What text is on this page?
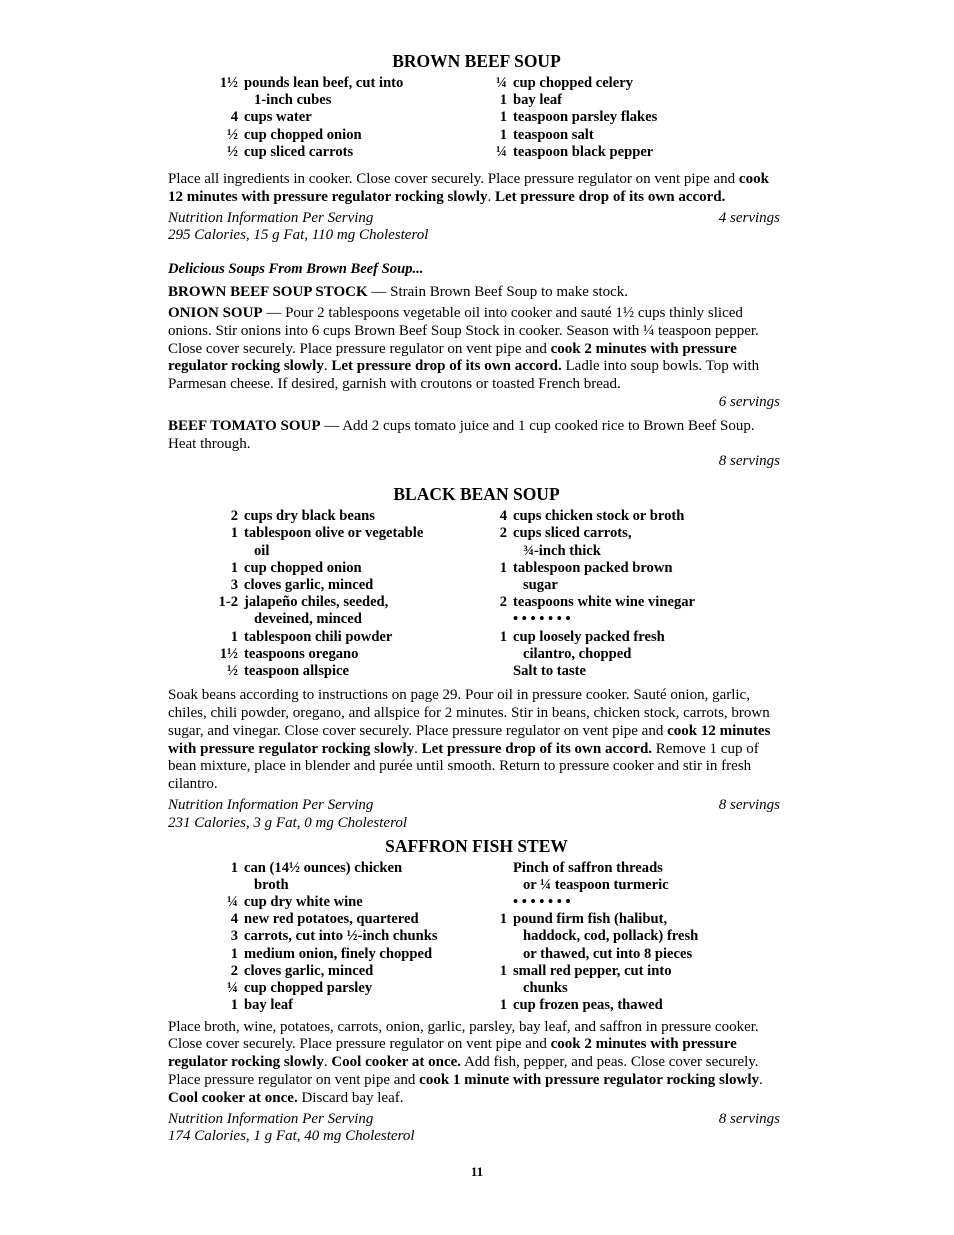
BROWN BEEF SOUP
1½ pounds lean beef, cut into
1-inch cubes
4 cups water
½ cup chopped onion
½ cup sliced carrots
¼ cup chopped celery
1 bay leaf
1 teaspoon parsley flakes
1 teaspoon salt
¼ teaspoon black pepper

Place all ingredients in cooker. Close cover securely. Place pressure regulator on vent pipe and cook 12 minutes with pressure regulator rocking slowly. Let pressure drop of its own accord.

Nutrition Information Per Serving	4 servings
295 Calories, 15 g Fat, 110 mg Cholesterol
Delicious Soups From Brown Beef Soup...

BROWN BEEF SOUP STOCK — Strain Brown Beef Soup to make stock.

ONION SOUP — Pour 2 tablespoons vegetable oil into cooker and sauté 1½ cups thinly sliced onions. Stir onions into 6 cups Brown Beef Soup Stock in cooker. Season with ¼ teaspoon pepper. Close cover securely. Place pressure regulator on vent pipe and cook 2 minutes with pressure regulator rocking slowly. Let pressure drop of its own accord. Ladle into soup bowls. Top with Parmesan cheese. If desired, garnish with croutons or toasted French bread.

6 servings

BEEF TOMATO SOUP — Add 2 cups tomato juice and 1 cup cooked rice to Brown Beef Soup. Heat through.

8 servings
BLACK BEAN SOUP
2 cups dry black beans
1 tablespoon olive or vegetable
oil
1 cup chopped onion
3 cloves garlic, minced
1-2 jalapeño chiles, seeded,
deveined, minced
1 tablespoon chili powder
1½ teaspoons oregano
½ teaspoon allspice
4 cups chicken stock or broth
2 cups sliced carrots,
¾-inch thick
1 tablespoon packed brown
sugar
2 teaspoons white wine vinegar
• • • • • • •
1 cup loosely packed fresh
cilantro, chopped
Salt to taste

Soak beans according to instructions on page 29. Pour oil in pressure cooker. Sauté onion, garlic, chiles, chili powder, oregano, and allspice for 2 minutes. Stir in beans, chicken stock, carrots, brown sugar, and vinegar. Close cover securely. Place pressure regulator on vent pipe and cook 12 minutes with pressure regulator rocking slowly. Let pressure drop of its own accord. Remove 1 cup of bean mixture, place in blender and purée until smooth. Return to pressure cooker and stir in fresh cilantro.

Nutrition Information Per Serving	8 servings
231 Calories, 3 g Fat, 0 mg Cholesterol
SAFFRON FISH STEW
1 can (14½ ounces) chicken
broth
¼ cup dry white wine
4 new red potatoes, quartered
3 carrots, cut into ½-inch chunks
1 medium onion, finely chopped
2 cloves garlic, minced
¼ cup chopped parsley
1 bay leaf
Pinch of saffron threads
or ¼ teaspoon turmeric
• • • • • • •
1 pound firm fish (halibut,
haddock, cod, pollack) fresh
or thawed, cut into 8 pieces
1 small red pepper, cut into
chunks
1 cup frozen peas, thawed

Place broth, wine, potatoes, carrots, onion, garlic, parsley, bay leaf, and saffron in pressure cooker. Close cover securely. Place pressure regulator on vent pipe and cook 2 minutes with pressure regulator rocking slowly. Cool cooker at once. Add fish, pepper, and peas. Close cover securely. Place pressure regulator on vent pipe and cook 1 minute with pressure regulator rocking slowly. Cool cooker at once. Discard bay leaf.

Nutrition Information Per Serving	8 servings
174 Calories, 1 g Fat, 40 mg Cholesterol
11
